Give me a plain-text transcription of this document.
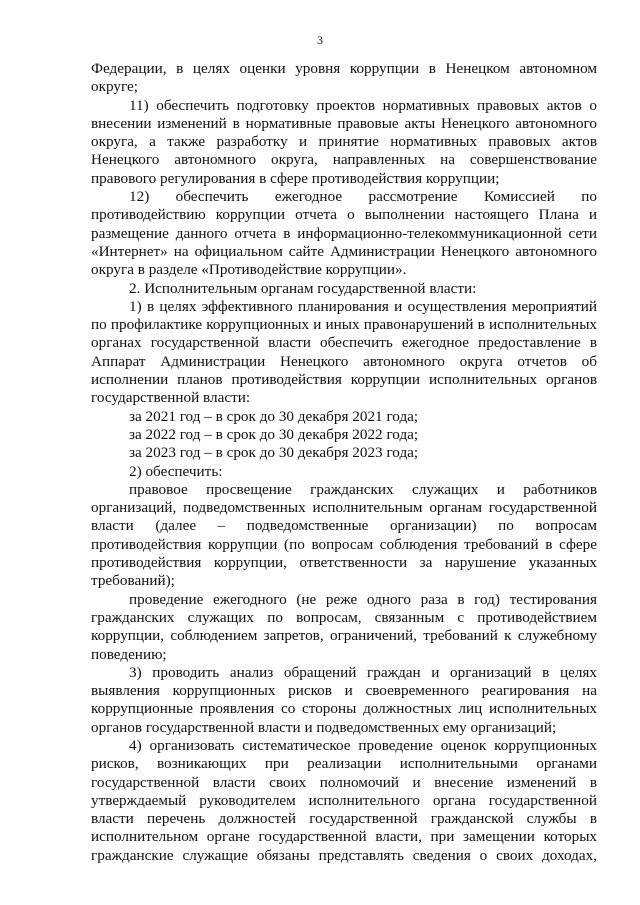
3

Федерации, в целях оценки уровня коррупции в Ненецком автономном округе;

11) обеспечить подготовку проектов нормативных правовых актов о внесении изменений в нормативные правовые акты Ненецкого автономного округа, а также разработку и принятие нормативных правовых актов Ненецкого автономного округа, направленных на совершенствование правового регулирования в сфере противодействия коррупции;

12) обеспечить ежегодное рассмотрение Комиссией по противодействию коррупции отчета о выполнении настоящего Плана и размещение данного отчета в информационно-телекоммуникационной сети «Интернет» на официальном сайте Администрации Ненецкого автономного округа в разделе «Противодействие коррупции».

2. Исполнительным органам государственной власти:

1) в целях эффективного планирования и осуществления мероприятий по профилактике коррупционных и иных правонарушений в исполнительных органах государственной власти обеспечить ежегодное предоставление в Аппарат Администрации Ненецкого автономного округа отчетов об исполнении планов противодействия коррупции исполнительных органов государственной власти:

за 2021 год – в срок до 30 декабря 2021 года;

за 2022 год – в срок до 30 декабря 2022 года;

за 2023 год – в срок до 30 декабря 2023 года;

2) обеспечить:

правовое просвещение гражданских служащих и работников организаций, подведомственных исполнительным органам государственной власти (далее – подведомственные организации) по вопросам противодействия коррупции (по вопросам соблюдения требований в сфере противодействия коррупции, ответственности за нарушение указанных требований);

проведение ежегодного (не реже одного раза в год) тестирования гражданских служащих по вопросам, связанным с противодействием коррупции, соблюдением запретов, ограничений, требований к служебному поведению;

3) проводить анализ обращений граждан и организаций в целях выявления коррупционных рисков и своевременного реагирования на коррупционные проявления со стороны должностных лиц исполнительных органов государственной власти и подведомственных ему организаций;

4) организовать систематическое проведение оценок коррупционных рисков, возникающих при реализации исполнительными органами государственной власти своих полномочий и внесение изменений в утверждаемый руководителем исполнительного органа государственной власти перечень должностей государственной гражданской службы в исполнительном органе государственной власти, при замещении которых гражданские служащие обязаны представлять сведения о своих доходах,
